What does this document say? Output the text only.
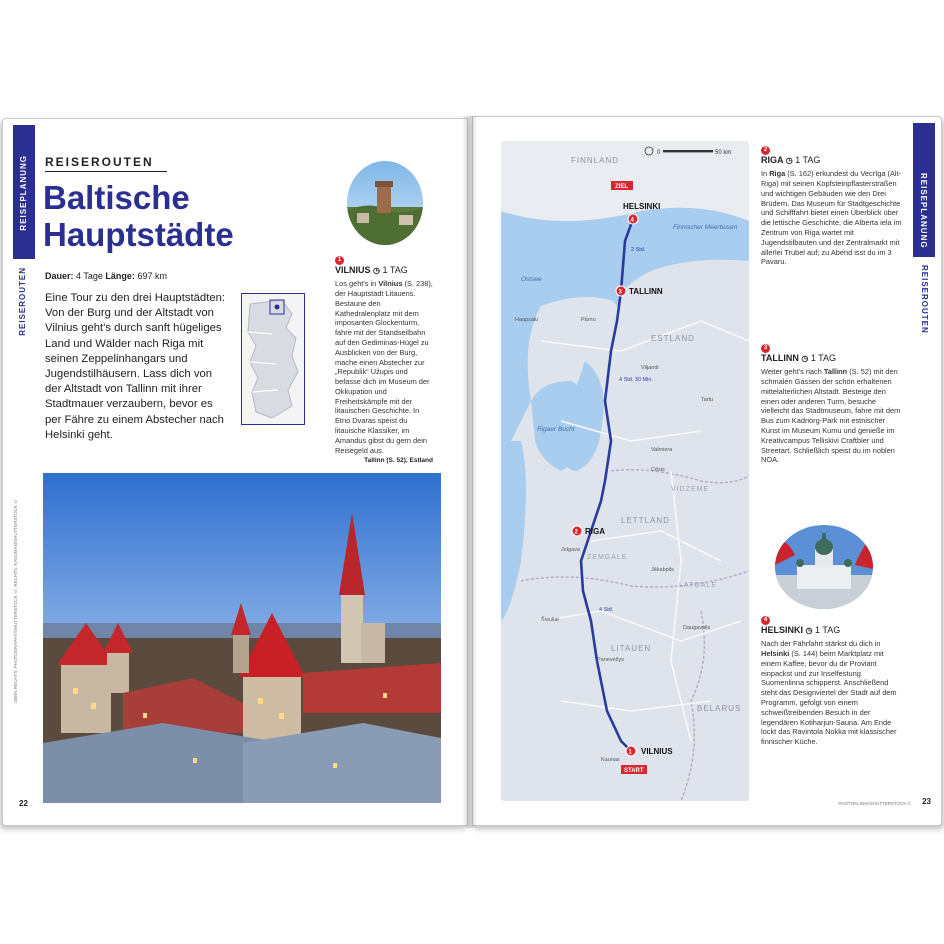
REISEPLANUNG
REISEROUTEN
REISEROUTEN
Baltische
Hauptstädte
Dauer: 4 Tage Länge: 697 km
Eine Tour zu den drei Hauptstädten: Von der Burg und der Altstadt von Vilnius geht's durch sanft hügeliges Land und Wälder nach Riga mit seinen Zeppelinhangars und Jugendstilhäusern. Lass dich von der Altstadt von Tallinn mit ihrer Stadtmauer verzaubern, bevor es per Fähre zu einem Abstecher nach Helsinki geht.
1
VILNIUS ◷ 1 TAG
Los geht's in Vilnius (S. 238), der Hauptstadt Litauens. Bestaune den Kathedralenplatz mit dem imposanten Glockenturm, fahre mit der Standseilbahn auf den Gediminas-Hügel zu Ausblicken von der Burg, mache einen Abstecher zur „Republik“ Užupis und befasse dich im Museum der Okkupation und Freiheitskämpfe mit der litauischen Geschichte. In Etno Dvaras speist du litauische Klassiker, im Amandus gibst du gern dein Reisegeld aus.
Tallinn (S. 52), Estland
OBEN RECHTS: PHOTOGRAPHY/SHUTTERSTOCK ©; RECHTS: KANUMAN/SHUTTERSTOCK ©
22
REISEPLANUNG
REISEROUTEN
0	50 km
FINNLAND
ESTLAND
LETTLAND
LITAUEN
BELARUS
VIDZEME
ZEMGALE
LATGALE
Finnischer Meerbusen
Ostsee
Rigaer Bucht
2 Std.
4 Std. 30 Min.
4 Std.
Pärnu
Viljandi
Valmiera
Cēsis
Jelgava
Panevėžys
Šiauliai
Daugavpils
Tartu
Haapsalu
Kaunas
Jēkabpils
ZIEL
4
HELSINKI
3 TALLINN
2 RIGA
1 VILNIUS
START
2
RIGA ◷ 1 TAG
In Riga (S. 162) erkundest du Vecrīga (Alt-Riga) mit seinen Kopfsteinpflasterstraßen und wichtigen Gebäuden wie den Drei Brüdern. Das Museum für Stadtgeschichte und Schifffahrt bietet einen Überblick über die lettische Geschichte, die Alberta iela im Zentrum von Riga wartet mit Jugendstilbauten und der Zentralmarkt mit allerlei Trubel auf; zu Abend isst du im 3 Pavaru.
3
TALLINN ◷ 1 TAG
Weiter geht's nach Tallinn (S. 52) mit den schmalen Gassen der schön erhaltenen mittelalterlichen Altstadt. Besteige den einen oder anderen Turm, besuche vielleicht das Stadtmuseum, fahre mit dem Bus zum Kadriorg-Park mit estnischer Kunst im Museum Kumu und genieße im Kreativcampus Telliskivi Craftbier und Streetart. Schließlich speist du im noblen NOA.
4
HELSINKI ◷ 1 TAG
Nach der Fährfahrt stärkst du dich in Helsinki (S. 144) beim Marktplatz mit einem Kaffee, bevor du dir Proviant einpackst und zur Inselfestung Suomenlinna schipperst. Anschließend steht das Designviertel der Stadt auf dem Programm, gefolgt von einem schweißtreibenden Besuch in der legendären Kotiharjun-Sauna. Am Ende lockt das Ravintola Nokka mit klassischer finnischer Küche.
PHOTOKLINIK/SHUTTERSTOCK © 23
